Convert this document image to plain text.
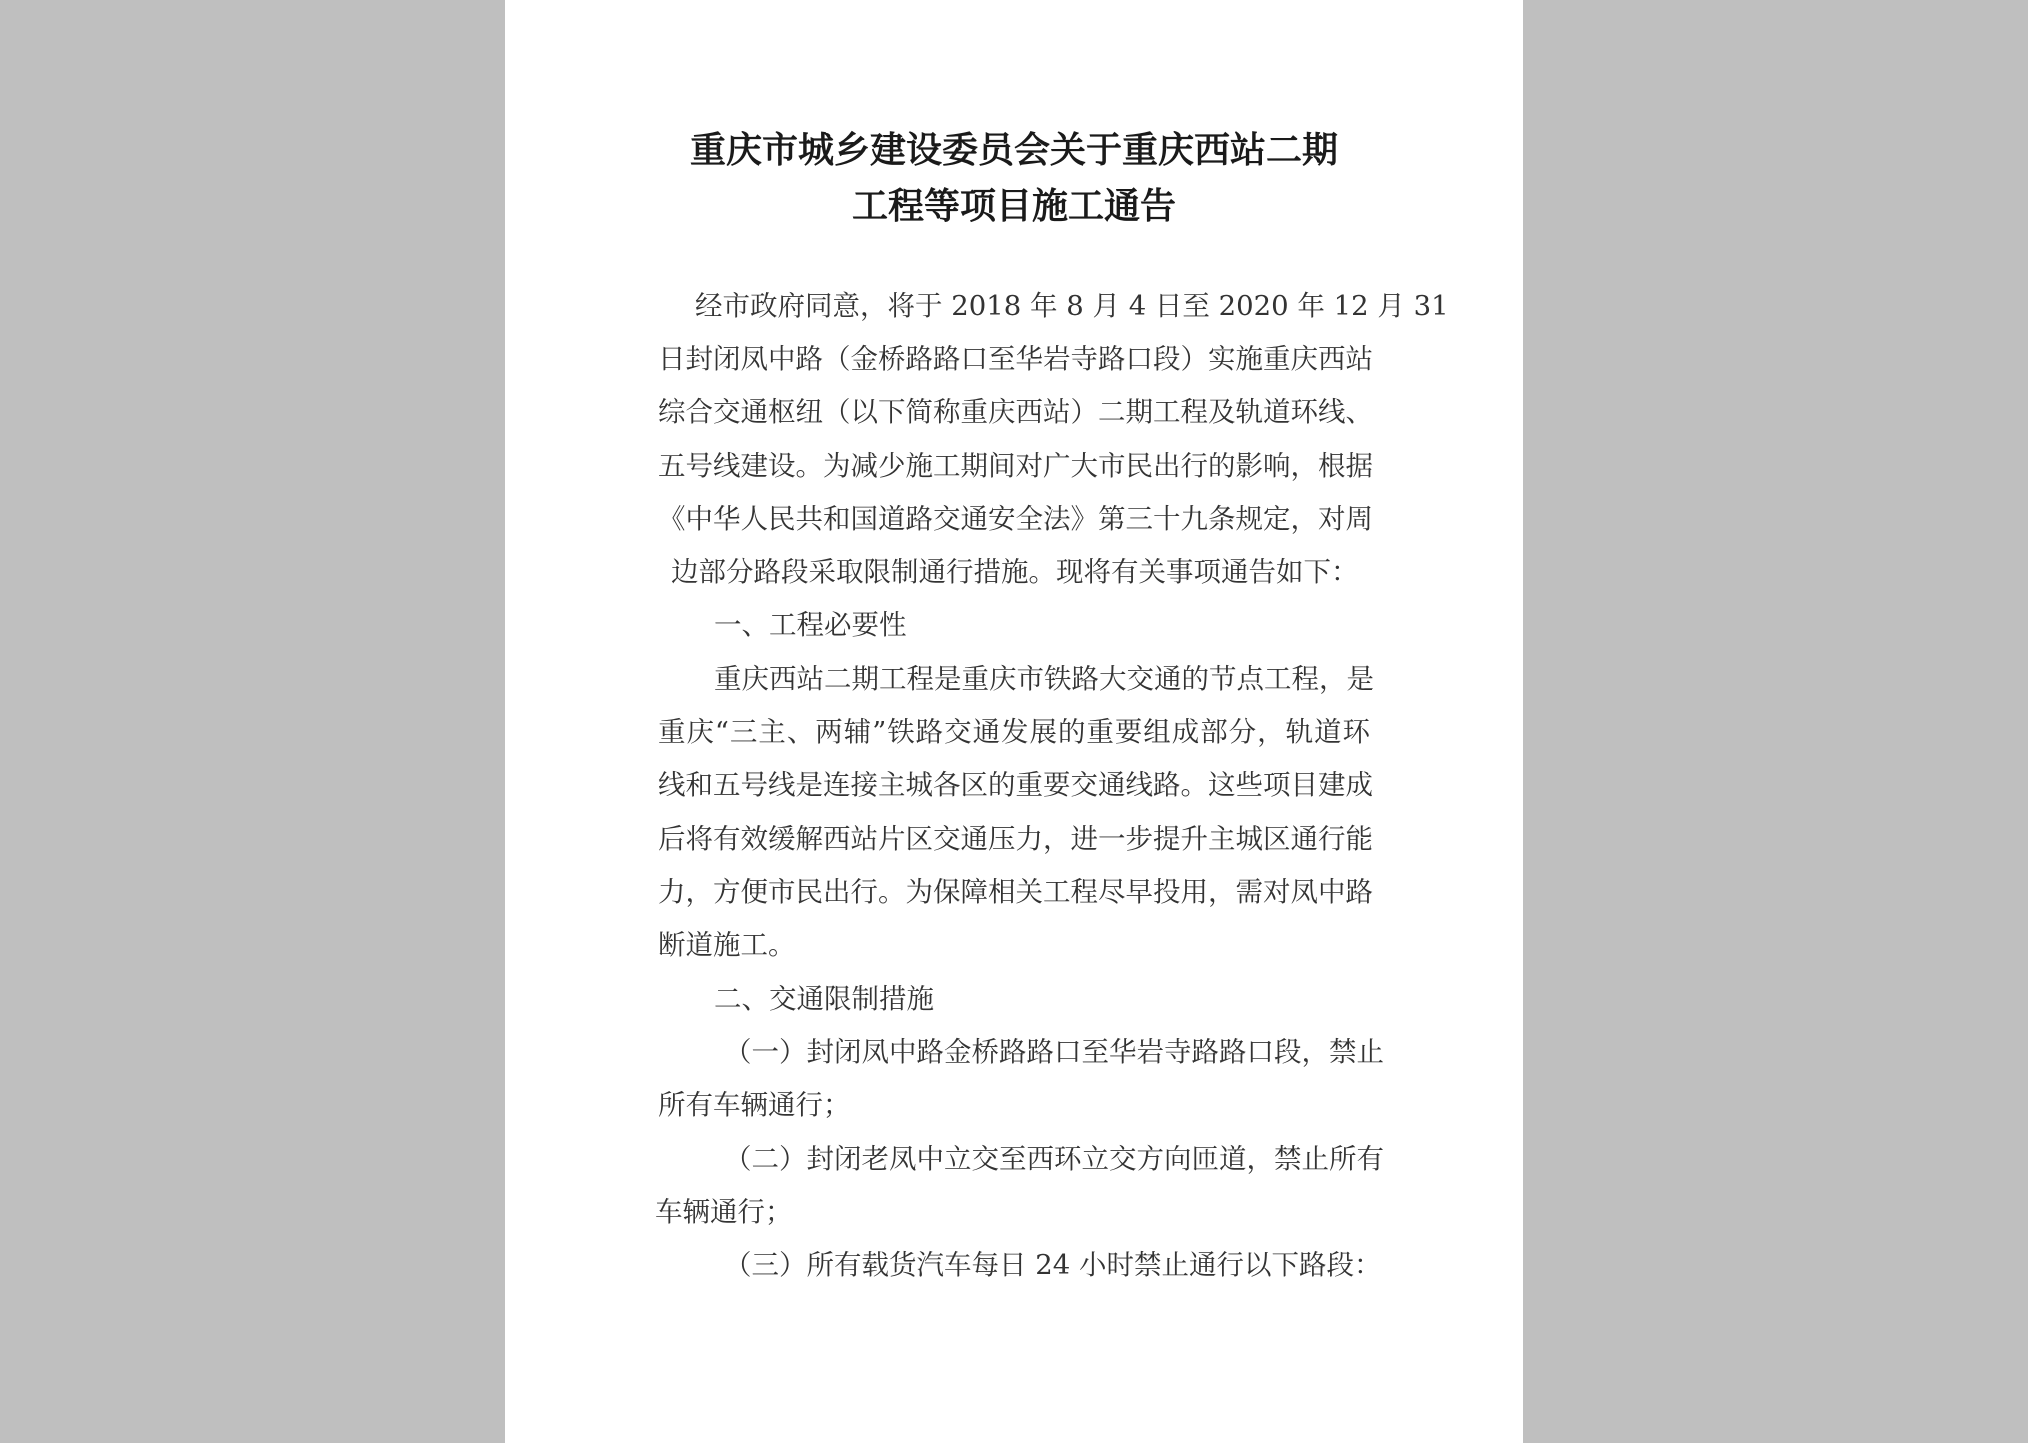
重庆市城乡建设委员会关于重庆西站二期
工程等项目施工通告
经市政府同意，将于 2018 年 8 月 4 日至 2020 年 12 月 31
日封闭凤中路（金桥路路口至华岩寺路口段）实施重庆西站
综合交通枢纽（以下简称重庆西站）二期工程及轨道环线、
五号线建设。为减少施工期间对广大市民出行的影响，根据
《中华人民共和国道路交通安全法》第三十九条规定，对周
边部分路段采取限制通行措施。现将有关事项通告如下：
一、工程必要性
重庆西站二期工程是重庆市铁路大交通的节点工程，是
重庆“三主、两辅”铁路交通发展的重要组成部分，轨道环
线和五号线是连接主城各区的重要交通线路。这些项目建成
后将有效缓解西站片区交通压力，进一步提升主城区通行能
力，方便市民出行。为保障相关工程尽早投用，需对凤中路
断道施工。
二、交通限制措施
（一）封闭凤中路金桥路路口至华岩寺路路口段，禁止
所有车辆通行；
（二）封闭老凤中立交至西环立交方向匝道，禁止所有
车辆通行；
（三）所有载货汽车每日 24 小时禁止通行以下路段：
